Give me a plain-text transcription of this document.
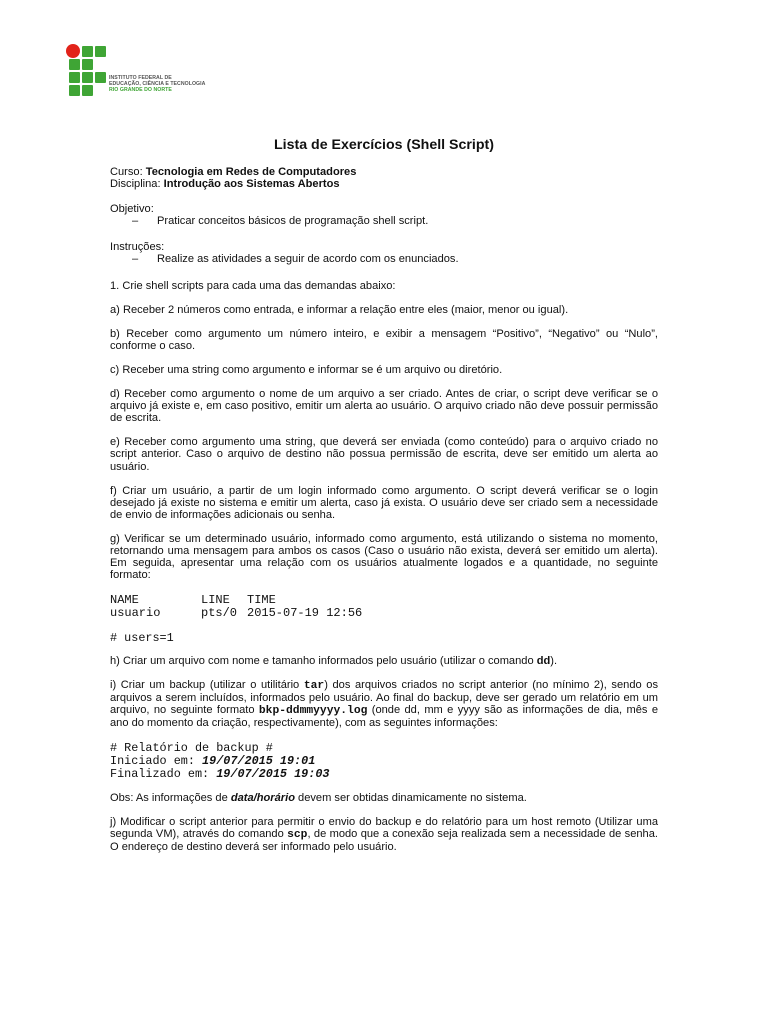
INSTITUTO FEDERAL DE
EDUCAÇÃO, CIÊNCIA E TECNOLOGIA
RIO GRANDE DO NORTE
Lista de Exercícios (Shell Script)

Curso: Tecnologia em Redes de Computadores

Disciplina: Introdução aos Sistemas Abertos

Objetivo:

– Praticar conceitos básicos de programação shell script.

Instruções:

– Realize as atividades a seguir de acordo com os enunciados.

1. Crie shell scripts para cada uma das demandas abaixo:

a) Receber 2 números como entrada, e informar a relação entre eles (maior, menor ou igual).

b) Receber como argumento um número inteiro, e exibir a mensagem “Positivo”, “Negativo” ou “Nulo”, conforme o caso.

c) Receber uma string como argumento e informar se é um arquivo ou diretório.

d) Receber como argumento o nome de um arquivo a ser criado. Antes de criar, o script deve verificar se o arquivo já existe e, em caso positivo, emitir um alerta ao usuário. O arquivo criado não deve possuir permissão de escrita.

e) Receber como argumento uma string, que deverá ser enviada (como conteúdo) para o arquivo criado no script anterior. Caso o arquivo de destino não possua permissão de escrita, deve ser emitido um alerta ao usuário.

f) Criar um usuário, a partir de um login informado como argumento. O script deverá verificar se o login desejado já existe no sistema e emitir um alerta, caso já exista. O usuário deve ser criado sem a necessidade de envio de informações adicionais ou senha.

g) Verificar se um determinado usuário, informado como argumento, está utilizando o sistema no momento, retornando uma mensagem para ambos os casos (Caso o usuário não exista, deverá ser emitido um alerta). Em seguida, apresentar uma relação com os usuários atualmente logados e a quantidade, no seguinte formato:

NAME	LINE	TIME
usuario	pts/0	2015-07-19 12:56

# users=1

h) Criar um arquivo com nome e tamanho informados pelo usuário (utilizar o comando dd).

i) Criar um backup (utilizar o utilitário tar) dos arquivos criados no script anterior (no mínimo 2), sendo os arquivos a serem incluídos, informados pelo usuário. Ao final do backup, deve ser gerado um relatório em um arquivo, no seguinte formato bkp-ddmmyyyy.log (onde dd, mm e yyyy são as informações de dia, mês e ano do momento da criação, respectivamente), com as seguintes informações:

# Relatório de backup #

Iniciado em: 19/07/2015 19:01

Finalizado em: 19/07/2015 19:03

Obs: As informações de data/horário devem ser obtidas dinamicamente no sistema.

j) Modificar o script anterior para permitir o envio do backup e do relatório para um host remoto (Utilizar uma segunda VM), através do comando scp, de modo que a conexão seja realizada sem a necessidade de senha. O endereço de destino deverá ser informado pelo usuário.
